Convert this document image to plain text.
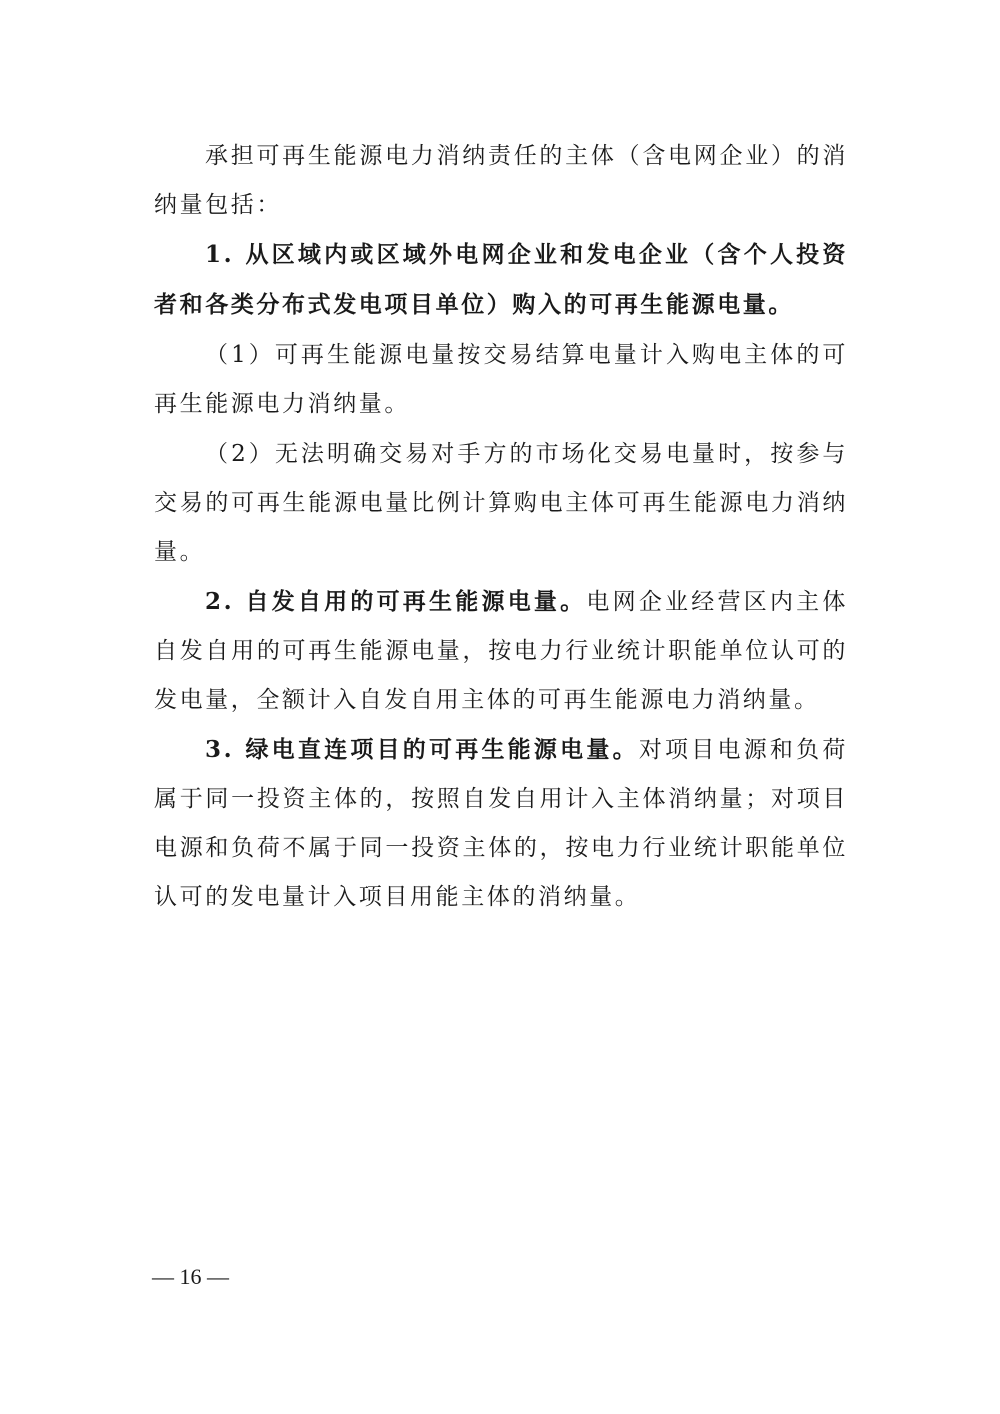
承担可再生能源电力消纳责任的主体（含电网企业）的消纳量包括：

1. 从区域内或区域外电网企业和发电企业（含个人投资者和各类分布式发电项目单位）购入的可再生能源电量。

（1）可再生能源电量按交易结算电量计入购电主体的可再生能源电力消纳量。

（2）无法明确交易对手方的市场化交易电量时，按参与交易的可再生能源电量比例计算购电主体可再生能源电力消纳量。

2. 自发自用的可再生能源电量。电网企业经营区内主体自发自用的可再生能源电量，按电力行业统计职能单位认可的发电量，全额计入自发自用主体的可再生能源电力消纳量。

3. 绿电直连项目的可再生能源电量。对项目电源和负荷属于同一投资主体的，按照自发自用计入主体消纳量；对项目电源和负荷不属于同一投资主体的，按电力行业统计职能单位认可的发电量计入项目用能主体的消纳量。

— 16 —
